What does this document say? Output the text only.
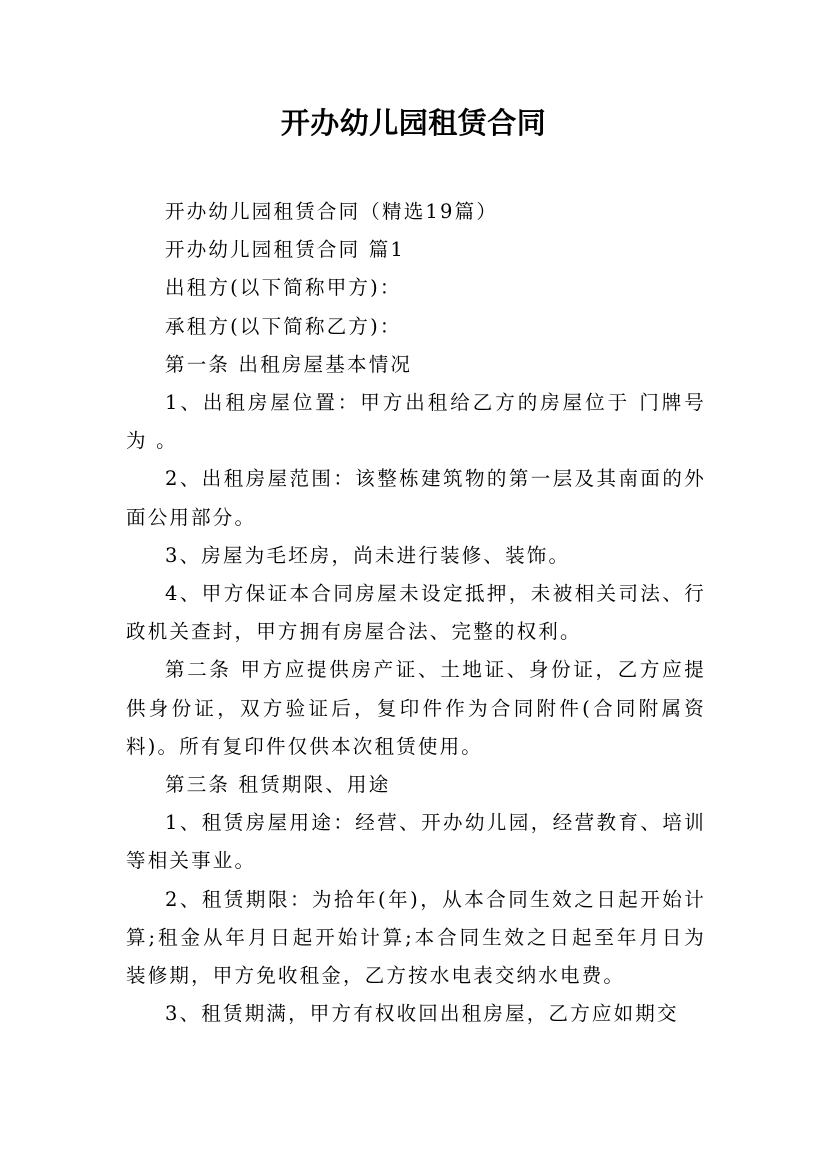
开办幼儿园租赁合同

开办幼儿园租赁合同（精选19篇）

开办幼儿园租赁合同 篇1

出租方(以下简称甲方)：

承租方(以下简称乙方)：

第一条 出租房屋基本情况

1、出租房屋位置：甲方出租给乙方的房屋位于 门牌号为 。

2、出租房屋范围：该整栋建筑物的第一层及其南面的外面公用部分。

3、房屋为毛坯房，尚未进行装修、装饰。

4、甲方保证本合同房屋未设定抵押，未被相关司法、行政机关查封，甲方拥有房屋合法、完整的权利。

第二条 甲方应提供房产证、土地证、身份证，乙方应提供身份证，双方验证后，复印件作为合同附件(合同附属资料)。所有复印件仅供本次租赁使用。

第三条 租赁期限、用途

1、租赁房屋用途：经营、开办幼儿园，经营教育、培训等相关事业。

2、租赁期限：为拾年(年)，从本合同生效之日起开始计算;租金从年月日起开始计算;本合同生效之日起至年月日为装修期，甲方免收租金，乙方按水电表交纳水电费。

3、租赁期满，甲方有权收回出租房屋，乙方应如期交
